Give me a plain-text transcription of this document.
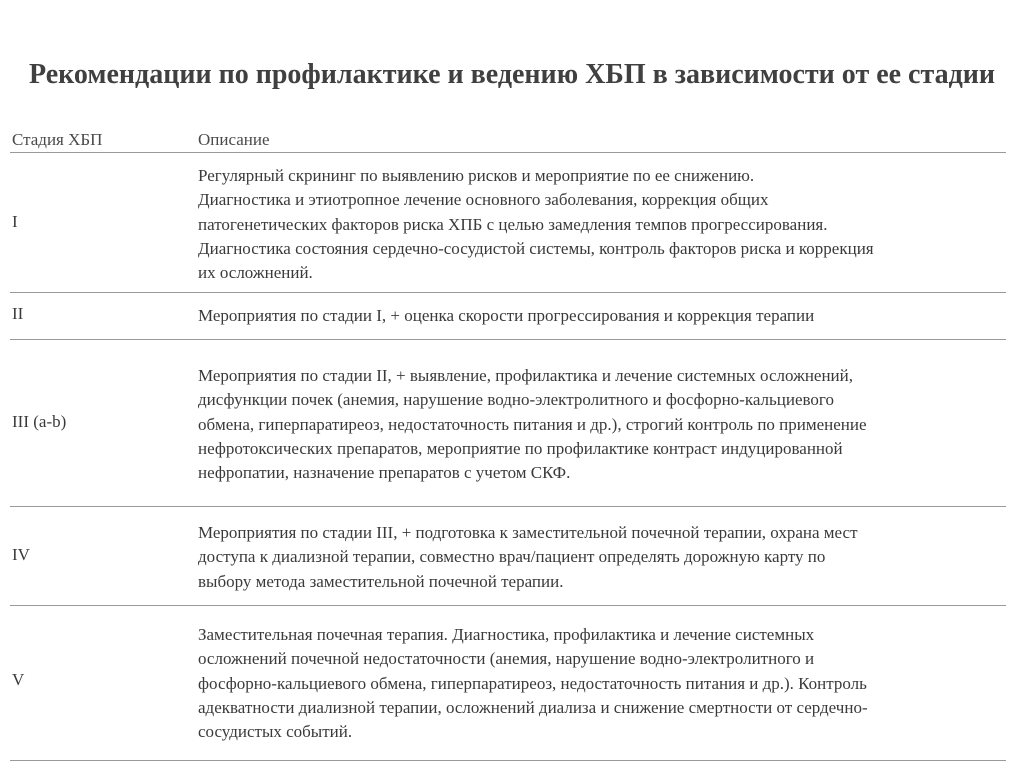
Рекомендации по профилактике и ведению ХБП в зависимости от ее стадии
Стадия ХБП	Описание
I
Регулярный скрининг по выявлению рисков и мероприятие по ее снижению.
Диагностика и этиотропное лечение основного заболевания, коррекция общих
патогенетических факторов риска ХПБ с целью замедления темпов прогрессирования.
Диагностика состояния сердечно-сосудистой системы, контроль факторов риска и коррекция
их осложнений.
II	Мероприятия по стадии I, + оценка скорости прогрессирования и коррекция терапии
III (a-b)
Мероприятия по стадии II, + выявление, профилактика и лечение системных осложнений,
дисфункции почек (анемия, нарушение водно-электролитного и фосфорно-кальциевого
обмена, гиперпаратиреоз, недостаточность питания и др.), строгий контроль по применение
нефротоксических препаратов, мероприятие по профилактике контраст индуцированной
нефропатии, назначение препаратов с учетом СКФ.
IV
Мероприятия по стадии III, + подготовка к заместительной почечной терапии, охрана мест
доступа к диализной терапии, совместно врач/пациент определять дорожную карту по
выбору метода заместительной почечной терапии.
V
Заместительная почечная терапия. Диагностика, профилактика и лечение системных
осложнений почечной недостаточности (анемия, нарушение водно-электролитного и
фосфорно-кальциевого обмена, гиперпаратиреоз, недостаточность питания и др.). Контроль
адекватности диализной терапии, осложнений диализа и снижение смертности от сердечно-
сосудистых событий.
